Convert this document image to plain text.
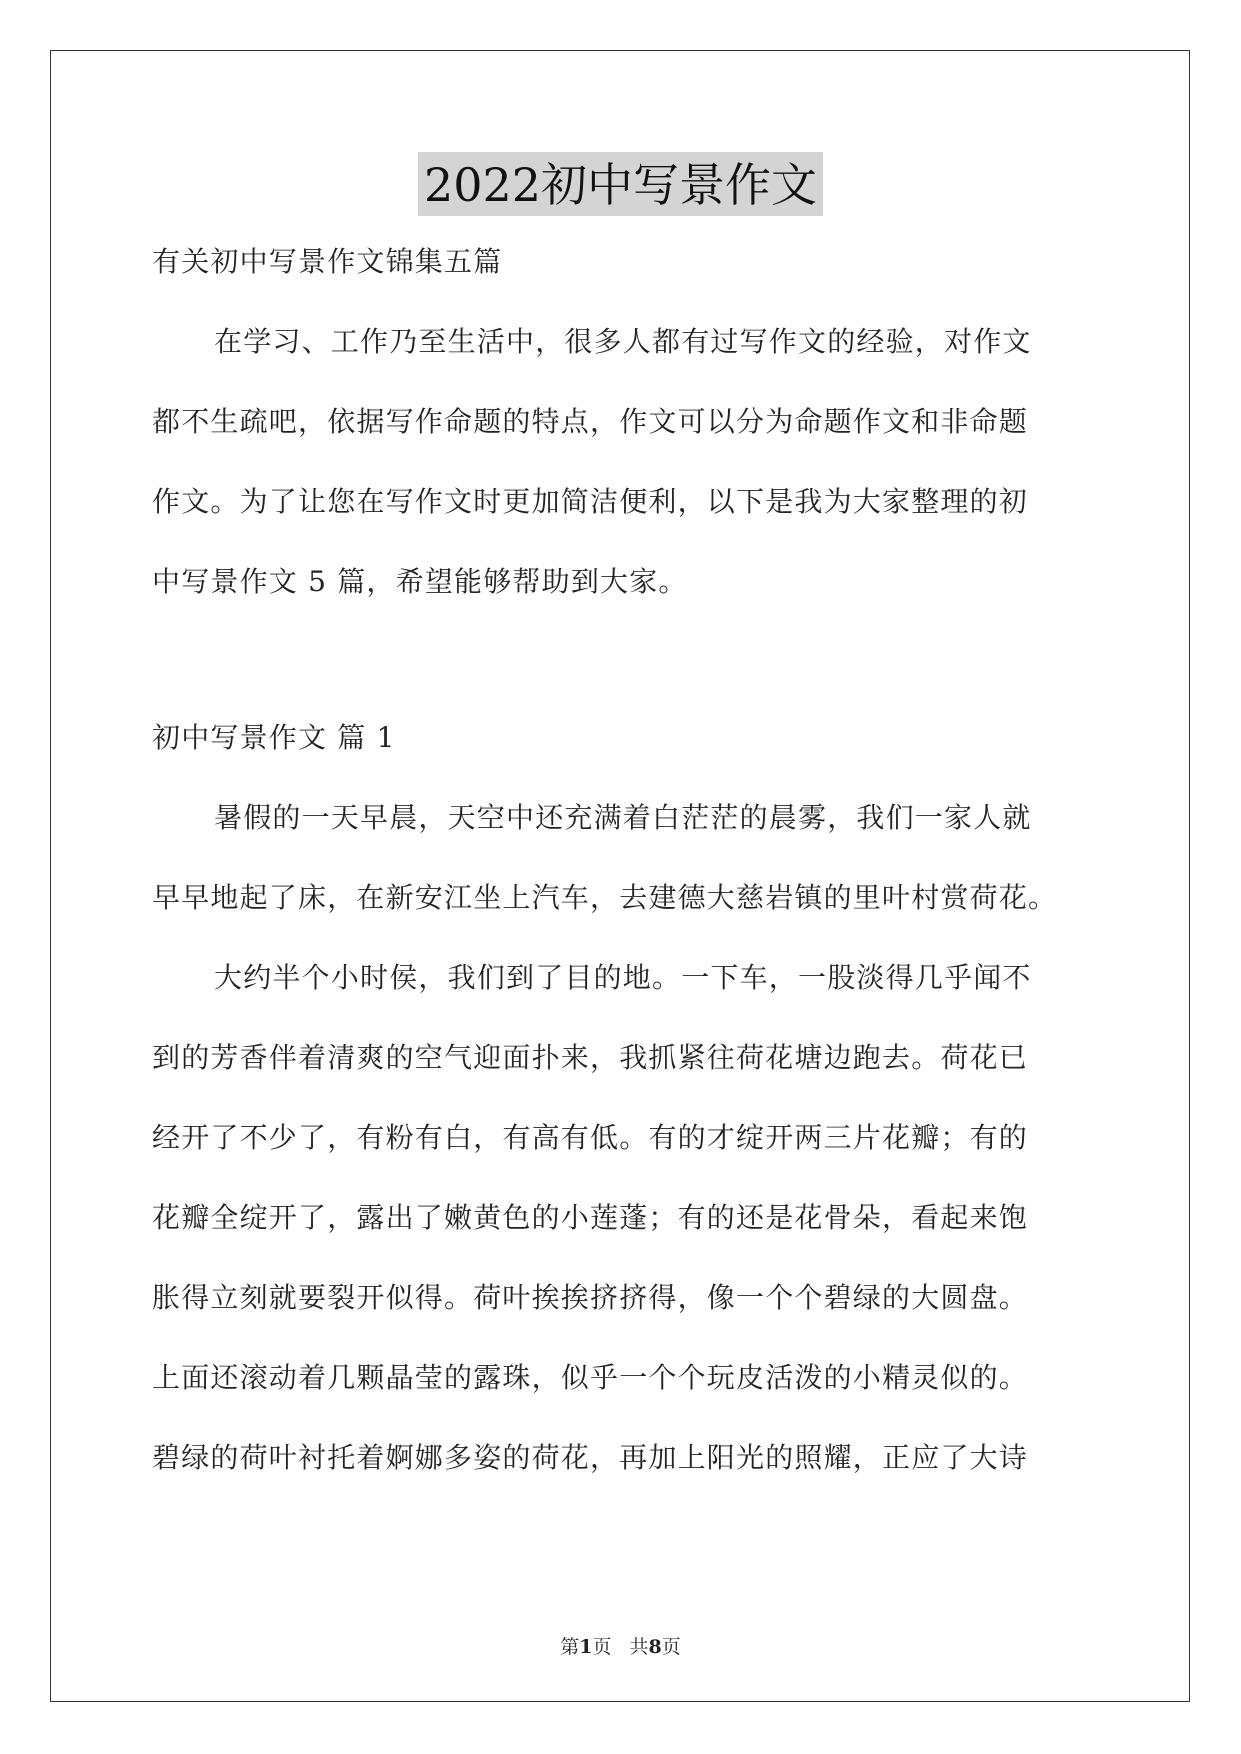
2022初中写景作文
有关初中写景作文锦集五篇
在学习、工作乃至生活中，很多人都有过写作文的经验，对作文
都不生疏吧，依据写作命题的特点，作文可以分为命题作文和非命题
作文。为了让您在写作文时更加简洁便利，以下是我为大家整理的初
中写景作文 5 篇，希望能够帮助到大家。
初中写景作文 篇 1
暑假的一天早晨，天空中还充满着白茫茫的晨雾，我们一家人就
早早地起了床，在新安江坐上汽车，去建德大慈岩镇的里叶村赏荷花。
大约半个小时侯，我们到了目的地。一下车，一股淡得几乎闻不
到的芳香伴着清爽的空气迎面扑来，我抓紧往荷花塘边跑去。荷花已
经开了不少了，有粉有白，有高有低。有的才绽开两三片花瓣；有的
花瓣全绽开了，露出了嫩黄色的小莲蓬；有的还是花骨朵，看起来饱
胀得立刻就要裂开似得。荷叶挨挨挤挤得，像一个个碧绿的大圆盘。
上面还滚动着几颗晶莹的露珠，似乎一个个玩皮活泼的小精灵似的。
碧绿的荷叶衬托着婀娜多姿的荷花，再加上阳光的照耀，正应了大诗
第1页 共8页
